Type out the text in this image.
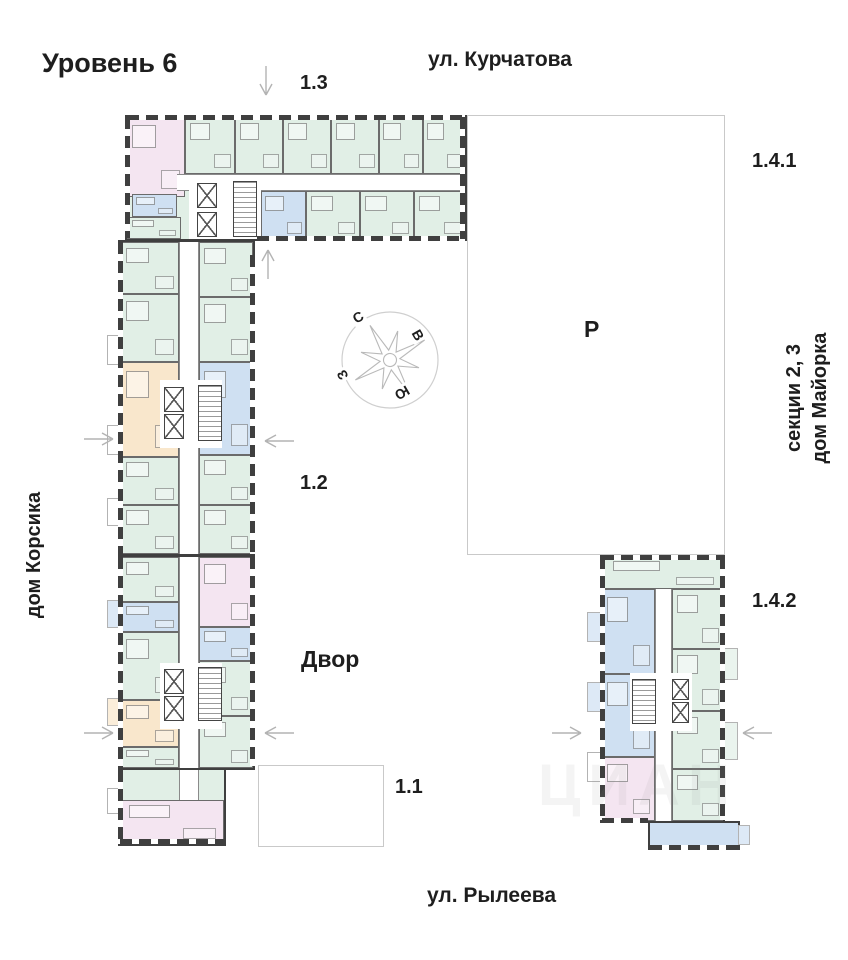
Уровень 6	ул. Курчатова
ул. Рылеева
1.3
1.2
1.1
1.4.1
1.4.2
Р
Двор
дом Корсика
секции 2, 3 дом Майорка
С
В
Ю
З
